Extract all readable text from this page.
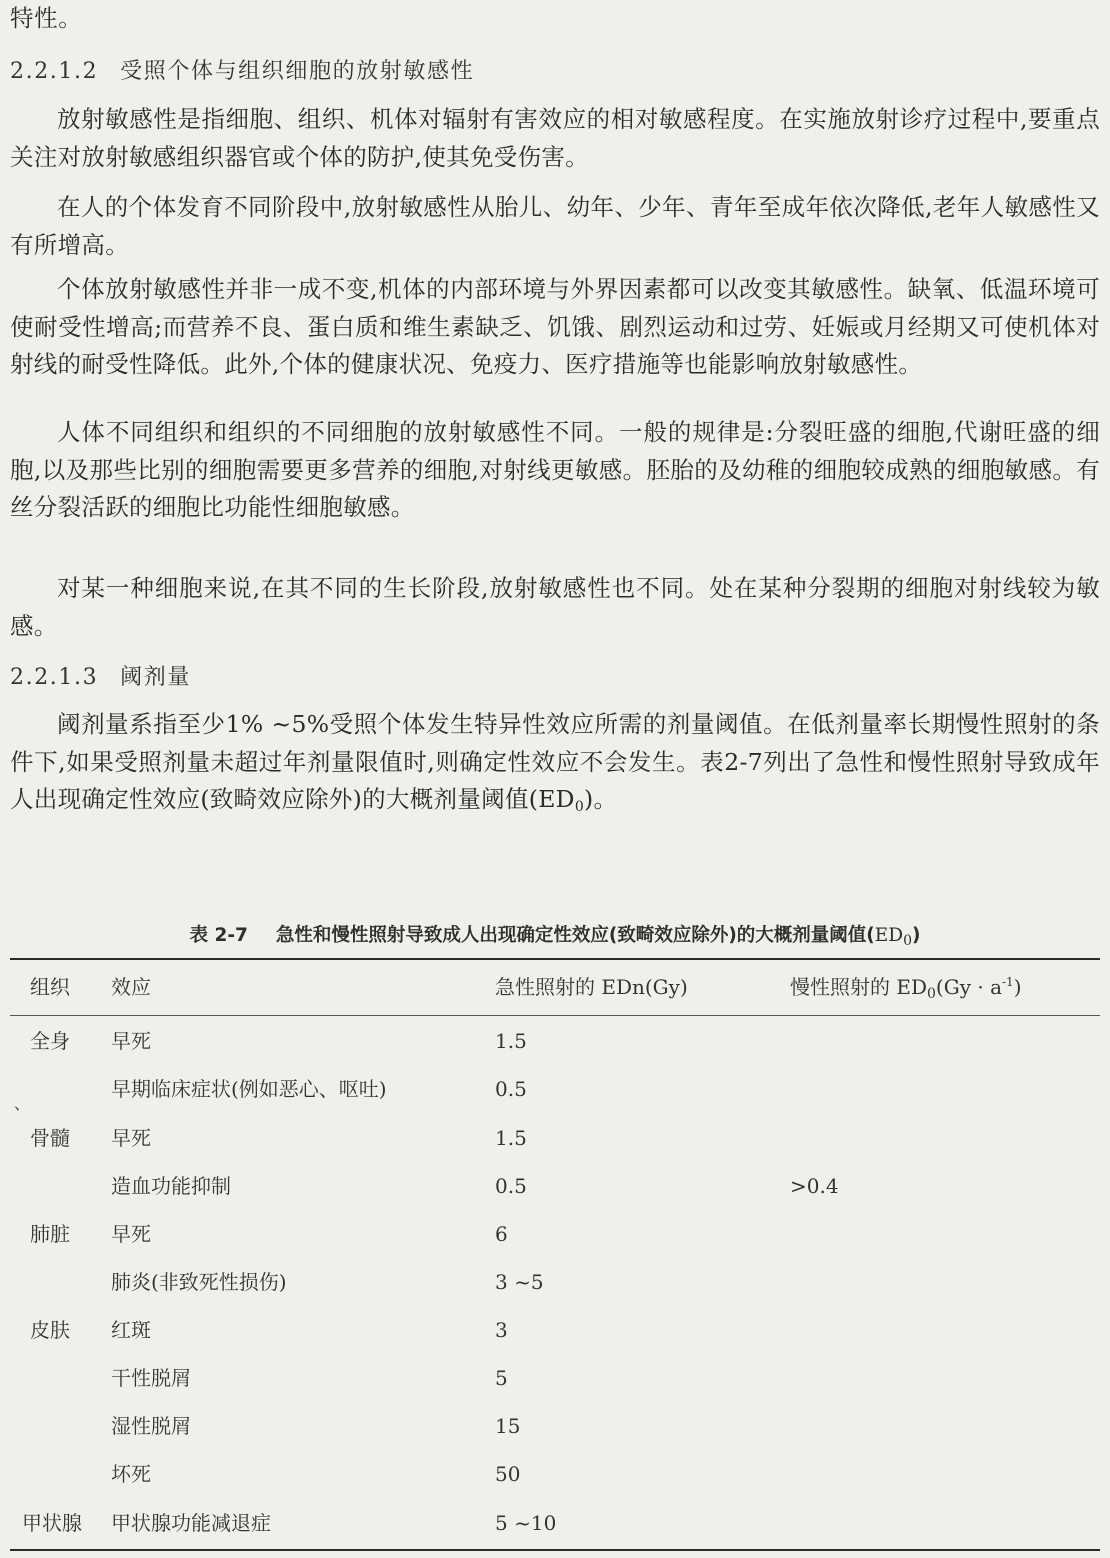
特性。
2.2.1.2 受照个体与组织细胞的放射敏感性

放射敏感性是指细胞、组织、机体对辐射有害效应的相对敏感程度。在实施放射诊疗过程中,要重点关注对放射敏感组织器官或个体的防护,使其免受伤害。

在人的个体发育不同阶段中,放射敏感性从胎儿、幼年、少年、青年至成年依次降低,老年人敏感性又有所增高。

个体放射敏感性并非一成不变,机体的内部环境与外界因素都可以改变其敏感性。缺氧、低温环境可使耐受性增高;而营养不良、蛋白质和维生素缺乏、饥饿、剧烈运动和过劳、妊娠或月经期又可使机体对射线的耐受性降低。此外,个体的健康状况、免疫力、医疗措施等也能影响放射敏感性。

人体不同组织和组织的不同细胞的放射敏感性不同。一般的规律是:分裂旺盛的细胞,代谢旺盛的细胞,以及那些比别的细胞需要更多营养的细胞,对射线更敏感。胚胎的及幼稚的细胞较成熟的细胞敏感。有丝分裂活跃的细胞比功能性细胞敏感。

对某一种细胞来说,在其不同的生长阶段,放射敏感性也不同。处在某种分裂期的细胞对射线较为敏感。

2.2.1.3 阈剂量

阈剂量系指至少1% ~5%受照个体发生特异性效应所需的剂量阈值。在低剂量率长期慢性照射的条件下,如果受照剂量未超过年剂量限值时,则确定性效应不会发生。表2-7列出了急性和慢性照射导致成年人出现确定性效应(致畸效应除外)的大概剂量阈值$(ED_0)$。

表 2-7 急性和慢性照射导致成人出现确定性效应(致畸效应除外)的大概剂量阈值$(ED_0)$
组织 效应	急性照射的 EDn(Gy)	慢性照射的 $ED_0(Gy \cdot a^{-1})$
、
全身 早死	1.5
早期临床症状(例如恶心、呕吐)	0.5
骨髓 早死	1.5
造血功能抑制	0.5	>0.4
肺脏 早死	6
肺炎(非致死性损伤)	3 ~5
皮肤 红斑	3
干性脱屑	5
湿性脱屑	15
坏死	50
甲状腺 甲状腺功能减退症	5 ~10
